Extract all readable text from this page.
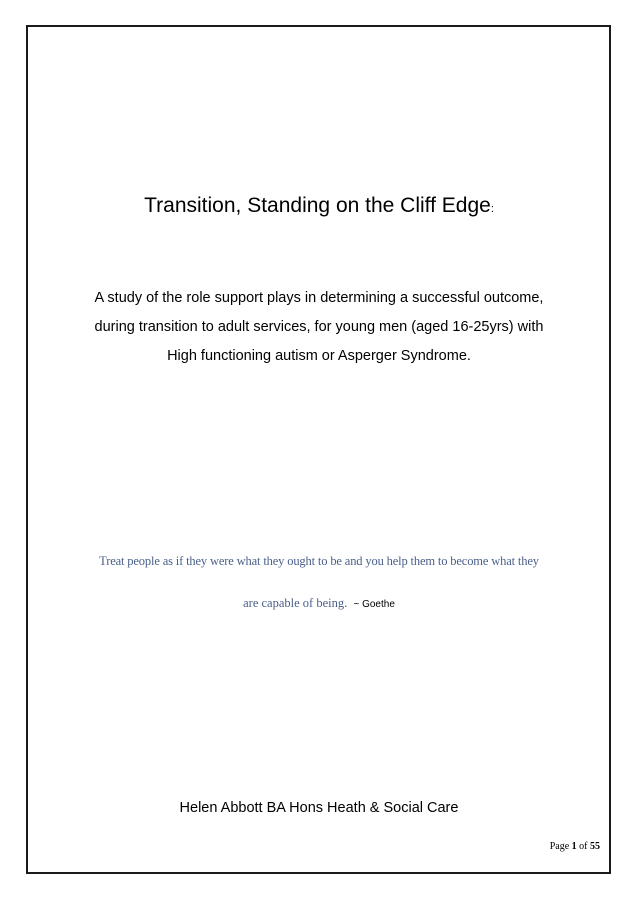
Transition, Standing on the Cliff Edge:
A study of the role support plays in determining a successful outcome,
during transition to adult services, for young men (aged 16-25yrs) with
High functioning autism or Asperger Syndrome.
Treat people as if they were what they ought to be and you help them to become what they
are capable of being. ~ Goethe
Helen Abbott BA Hons Heath & Social Care
Page 1 of 55
